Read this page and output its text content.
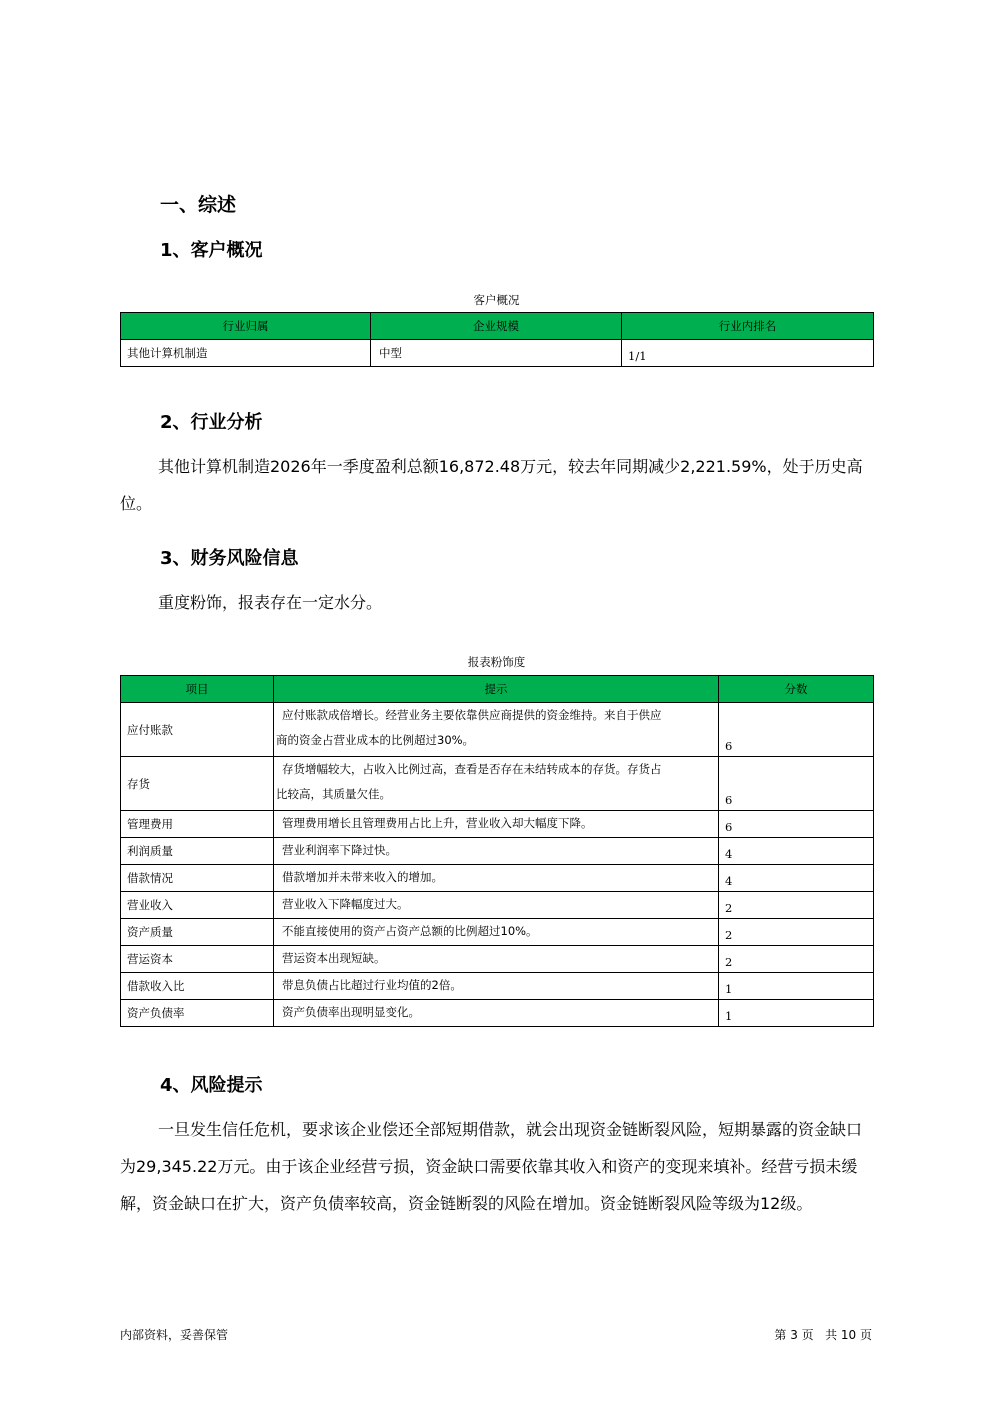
一、综述
1、客户概况
客户概况
行业归属	企业规模	行业内排名
其他计算机制造	中型	1/1
2、行业分析
其他计算机制造2026年一季度盈利总额16,872.48万元，较去年同期减少2,221.59%，处于历史高位。
3、财务风险信息
重度粉饰，报表存在一定水分。
报表粉饰度
项目	提示	分数
应付账款	应付账款成倍增长。经营业务主要依靠供应商提供的资金维持。来自于供应
商的资金占营业成本的比例超过30%。	6
存货	存货增幅较大，占收入比例过高，查看是否存在未结转成本的存货。存货占
比较高，其质量欠佳。	6
管理费用	管理费用增长且管理费用占比上升，营业收入却大幅度下降。	6
利润质量	营业利润率下降过快。	4
借款情况	借款增加并未带来收入的增加。	4
营业收入	营业收入下降幅度过大。	2
资产质量	不能直接使用的资产占资产总额的比例超过10%。	2
营运资本	营运资本出现短缺。	2
借款收入比	带息负债占比超过行业均值的2倍。	1
资产负债率	资产负债率出现明显变化。	1
4、风险提示
一旦发生信任危机，要求该企业偿还全部短期借款，就会出现资金链断裂风险，短期暴露的资金缺口为29,345.22万元。由于该企业经营亏损，资金缺口需要依靠其收入和资产的变现来填补。经营亏损未缓解，资金缺口在扩大，资产负债率较高，资金链断裂的风险在增加。资金链断裂风险等级为12级。
内部资料，妥善保管	第 3 页   共 10 页
